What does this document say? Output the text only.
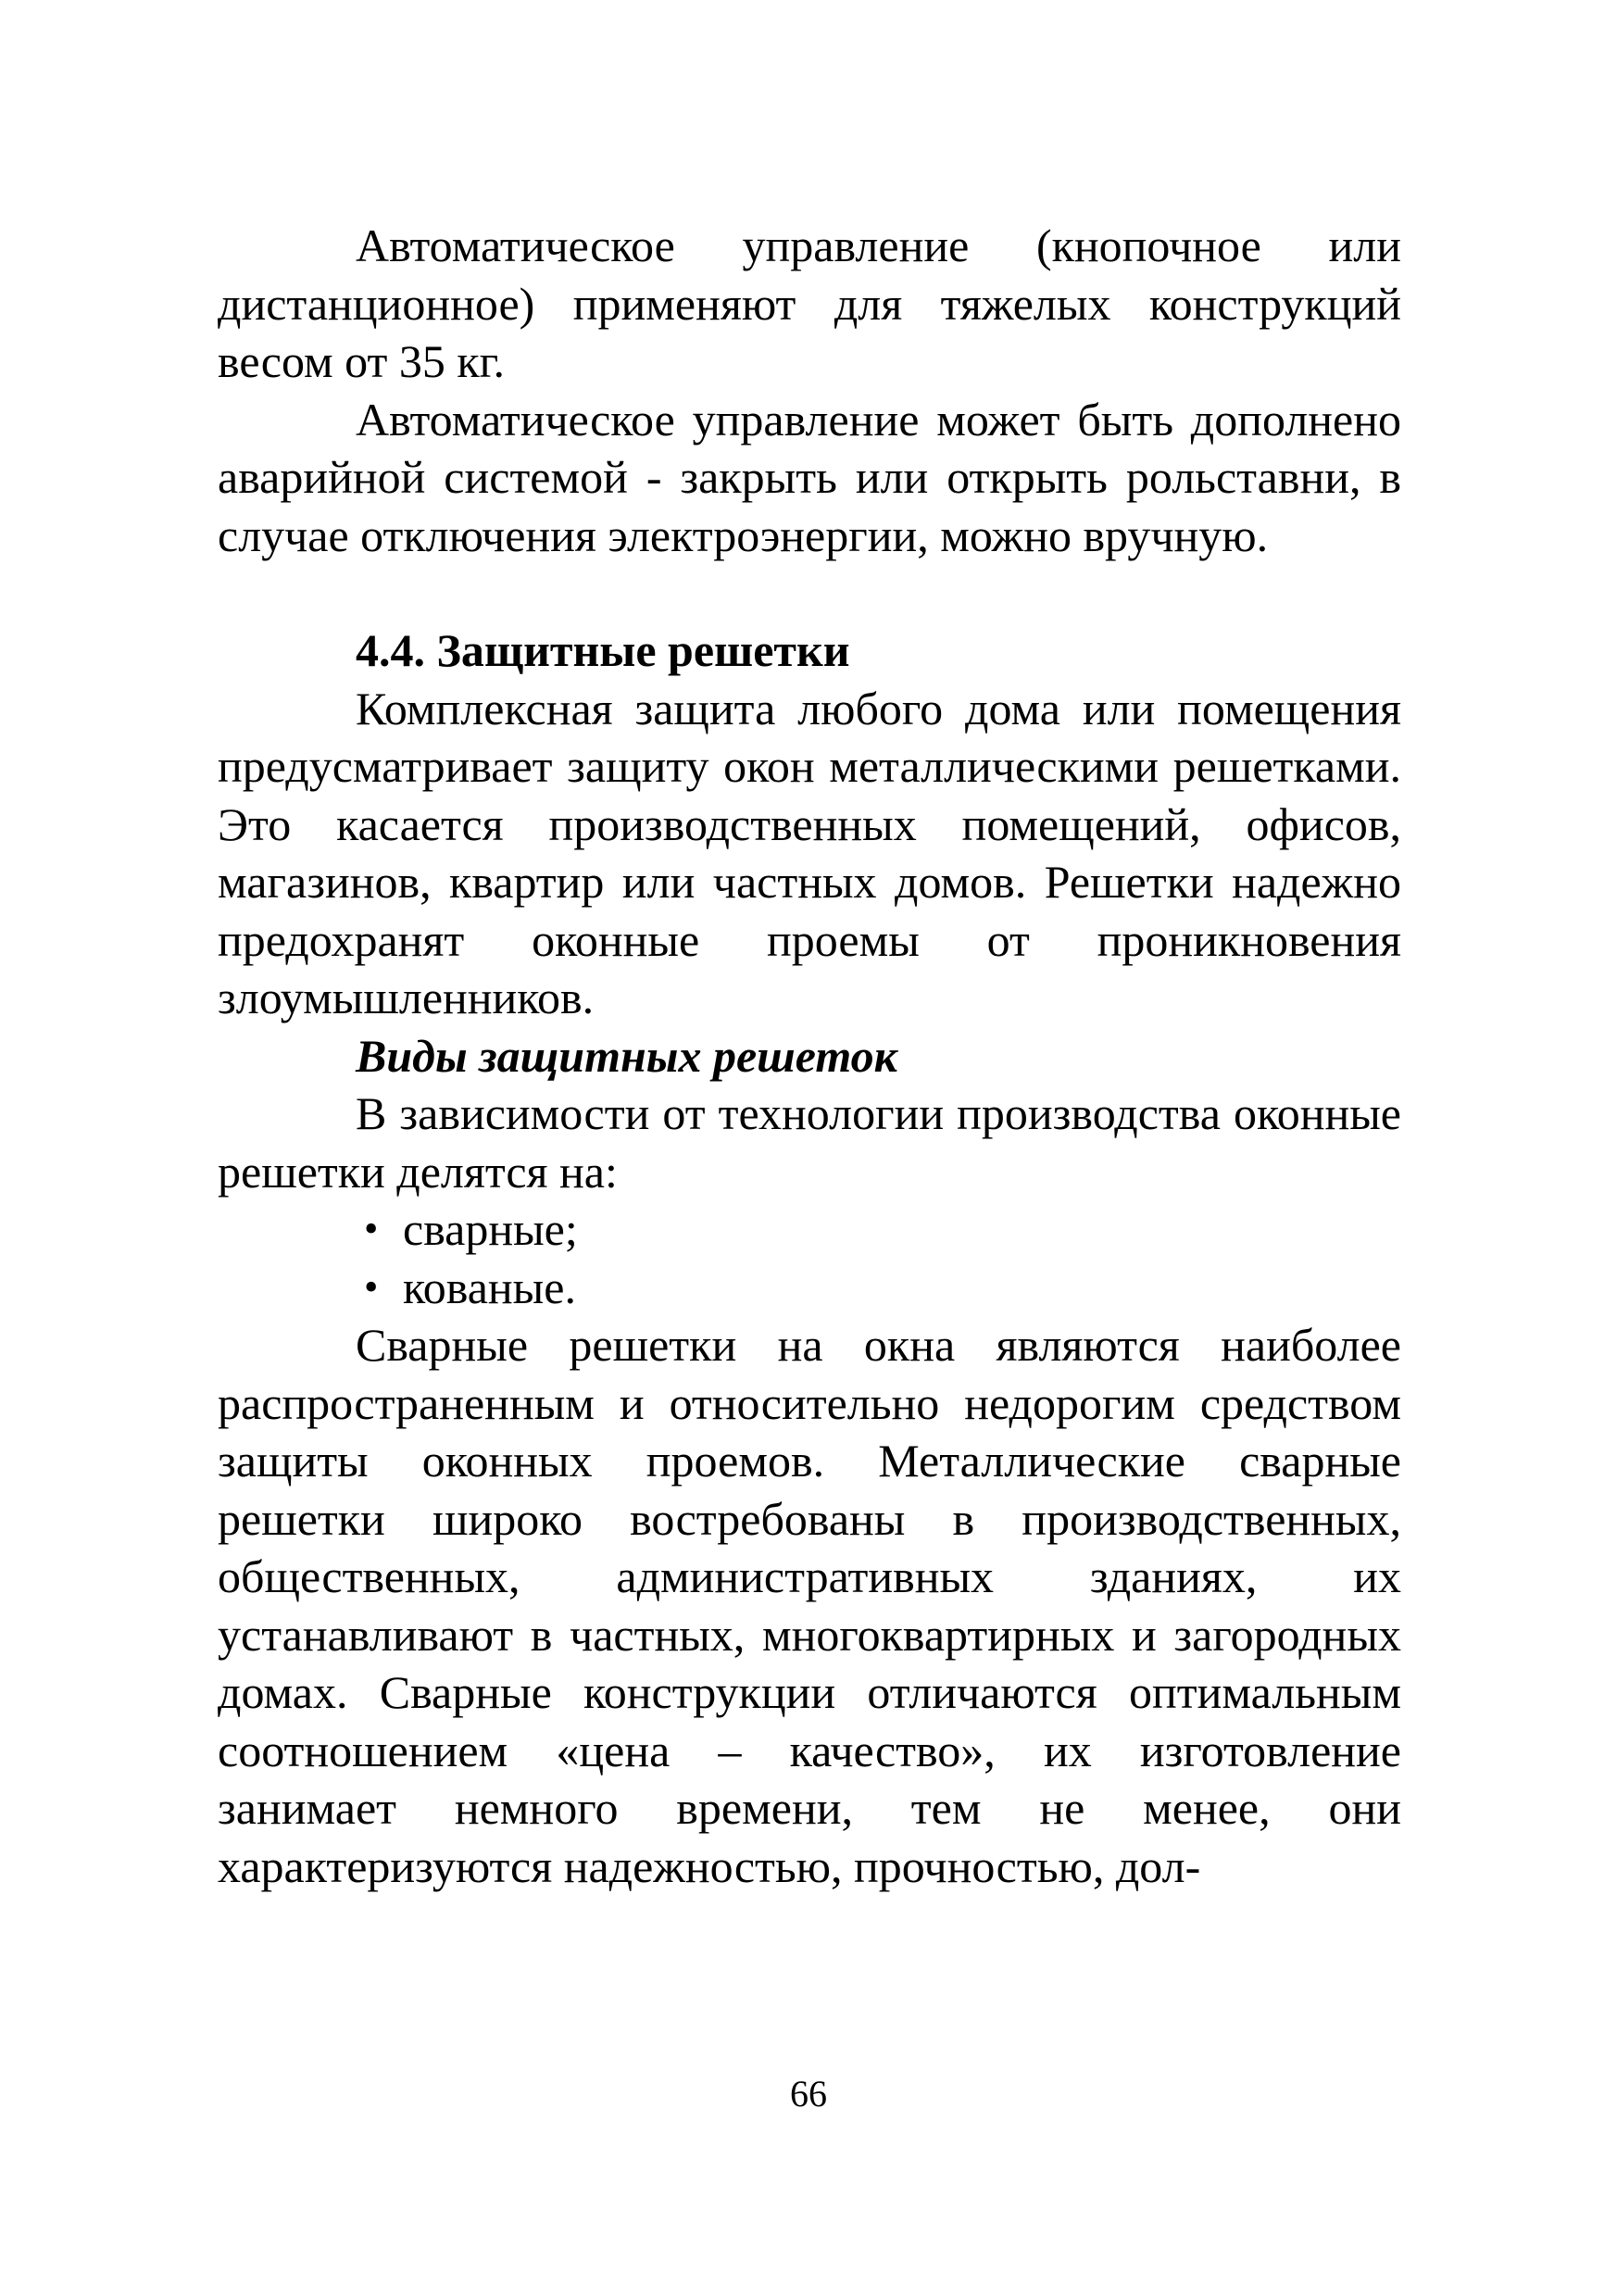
Автоматическое управление (кнопочное или дистанционное) применяют для тяжелых конструкций весом от 35 кг.

Автоматическое управление может быть дополнено аварийной системой - закрыть или открыть рольставни, в случае отключения электроэнергии, можно вручную.

4.4. Защитные решетки

Комплексная защита любого дома или помещения предусматривает защиту окон металлическими решетками. Это касается производственных помещений, офисов, магазинов, квартир или частных домов. Решетки надежно предохранят оконные проемы от проникновения злоумышленников.

Виды защитных решеток

В зависимости от технологии производства оконные решетки делятся на:

• сварные;
• кованые.

Сварные решетки на окна являются наиболее распространенным и относительно недорогим средством защиты оконных проемов. Металлические сварные решетки широко востребованы в производственных, общественных, административных зданиях, их устанавливают в частных, многоквартирных и загородных домах. Сварные конструкции отличаются оптимальным соотношением «цена – качество», их изготовление занимает немного времени, тем не менее, они характеризуются надежностью, прочностью, дол-

66
